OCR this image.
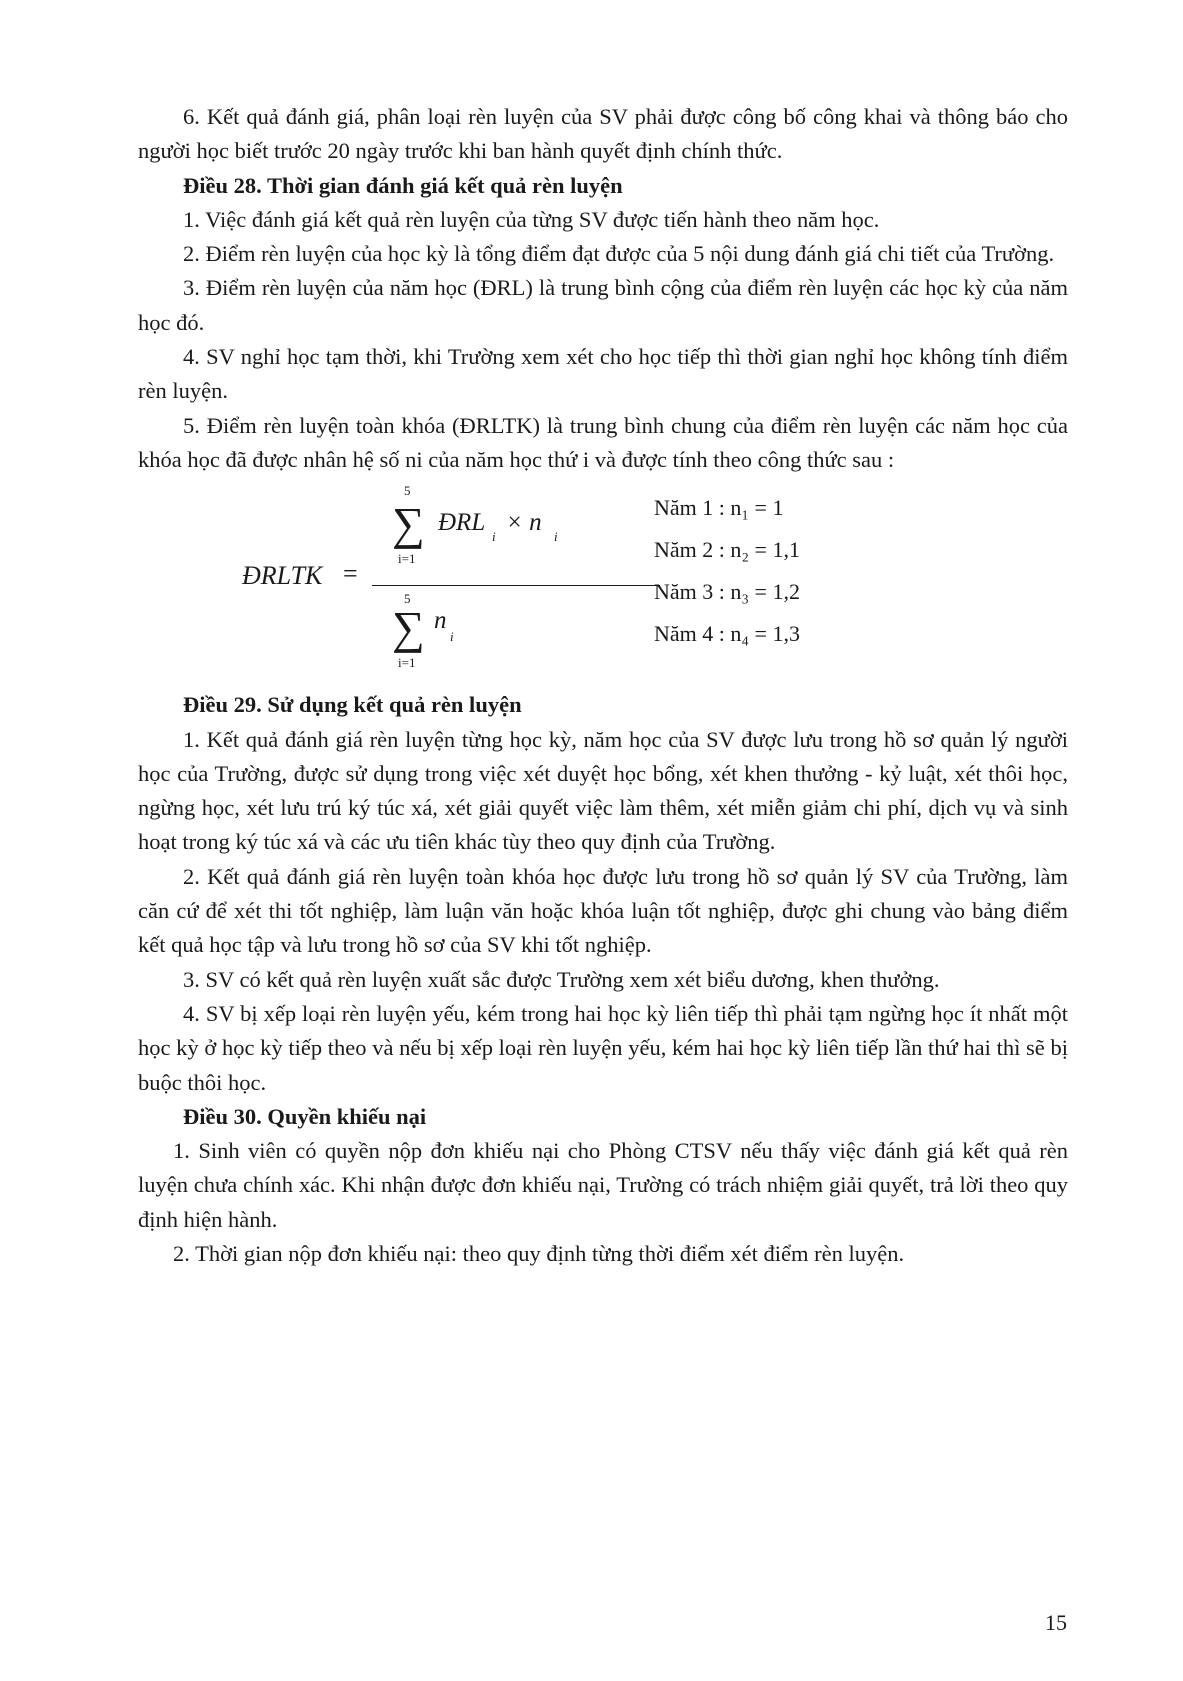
6. Kết quả đánh giá, phân loại rèn luyện của SV phải được công bố công khai và thông báo cho người học biết trước 20 ngày trước khi ban hành quyết định chính thức.

Điều 28. Thời gian đánh giá kết quả rèn luyện

1. Việc đánh giá kết quả rèn luyện của từng SV được tiến hành theo năm học.

2. Điểm rèn luyện của học kỳ là tổng điểm đạt được của 5 nội dung đánh giá chi tiết của Trường.

3. Điểm rèn luyện của năm học (ĐRL) là trung bình cộng của điểm rèn luyện các học kỳ của năm học đó.

4. SV nghỉ học tạm thời, khi Trường xem xét cho học tiếp thì thời gian nghỉ học không tính điểm rèn luyện.

5. Điểm rèn luyện toàn khóa (ĐRLTK) là trung bình chung của điểm rèn luyện các năm học của khóa học đã được nhân hệ số ni của năm học thứ i và được tính theo công thức sau :

ĐRLTK =
5
∑
i=1
ĐRL
i
× n
i
5
∑
i=1
n
i
Năm 1 : n₁ = 1
Năm 2 : n₂ = 1,1
Năm 3 : n₃ = 1,2
Năm 4 : n₄ = 1,3

Điều 29. Sử dụng kết quả rèn luyện

1. Kết quả đánh giá rèn luyện từng học kỳ, năm học của SV được lưu trong hồ sơ quản lý người học của Trường, được sử dụng trong việc xét duyệt học bổng, xét khen thưởng - kỷ luật, xét thôi học, ngừng học, xét lưu trú ký túc xá, xét giải quyết việc làm thêm, xét miễn giảm chi phí, dịch vụ và sinh hoạt trong ký túc xá và các ưu tiên khác tùy theo quy định của Trường.

2. Kết quả đánh giá rèn luyện toàn khóa học được lưu trong hồ sơ quản lý SV của Trường, làm căn cứ để xét thi tốt nghiệp, làm luận văn hoặc khóa luận tốt nghiệp, được ghi chung vào bảng điểm kết quả học tập và lưu trong hồ sơ của SV khi tốt nghiệp.

3. SV có kết quả rèn luyện xuất sắc được Trường xem xét biểu dương, khen thưởng.

4. SV bị xếp loại rèn luyện yếu, kém trong hai học kỳ liên tiếp thì phải tạm ngừng học ít nhất một học kỳ ở học kỳ tiếp theo và nếu bị xếp loại rèn luyện yếu, kém hai học kỳ liên tiếp lần thứ hai thì sẽ bị buộc thôi học.

Điều 30. Quyền khiếu nại

1. Sinh viên có quyền nộp đơn khiếu nại cho Phòng CTSV nếu thấy việc đánh giá kết quả rèn luyện chưa chính xác. Khi nhận được đơn khiếu nại, Trường có trách nhiệm giải quyết, trả lời theo quy định hiện hành.

2. Thời gian nộp đơn khiếu nại: theo quy định từng thời điểm xét điểm rèn luyện.

15
